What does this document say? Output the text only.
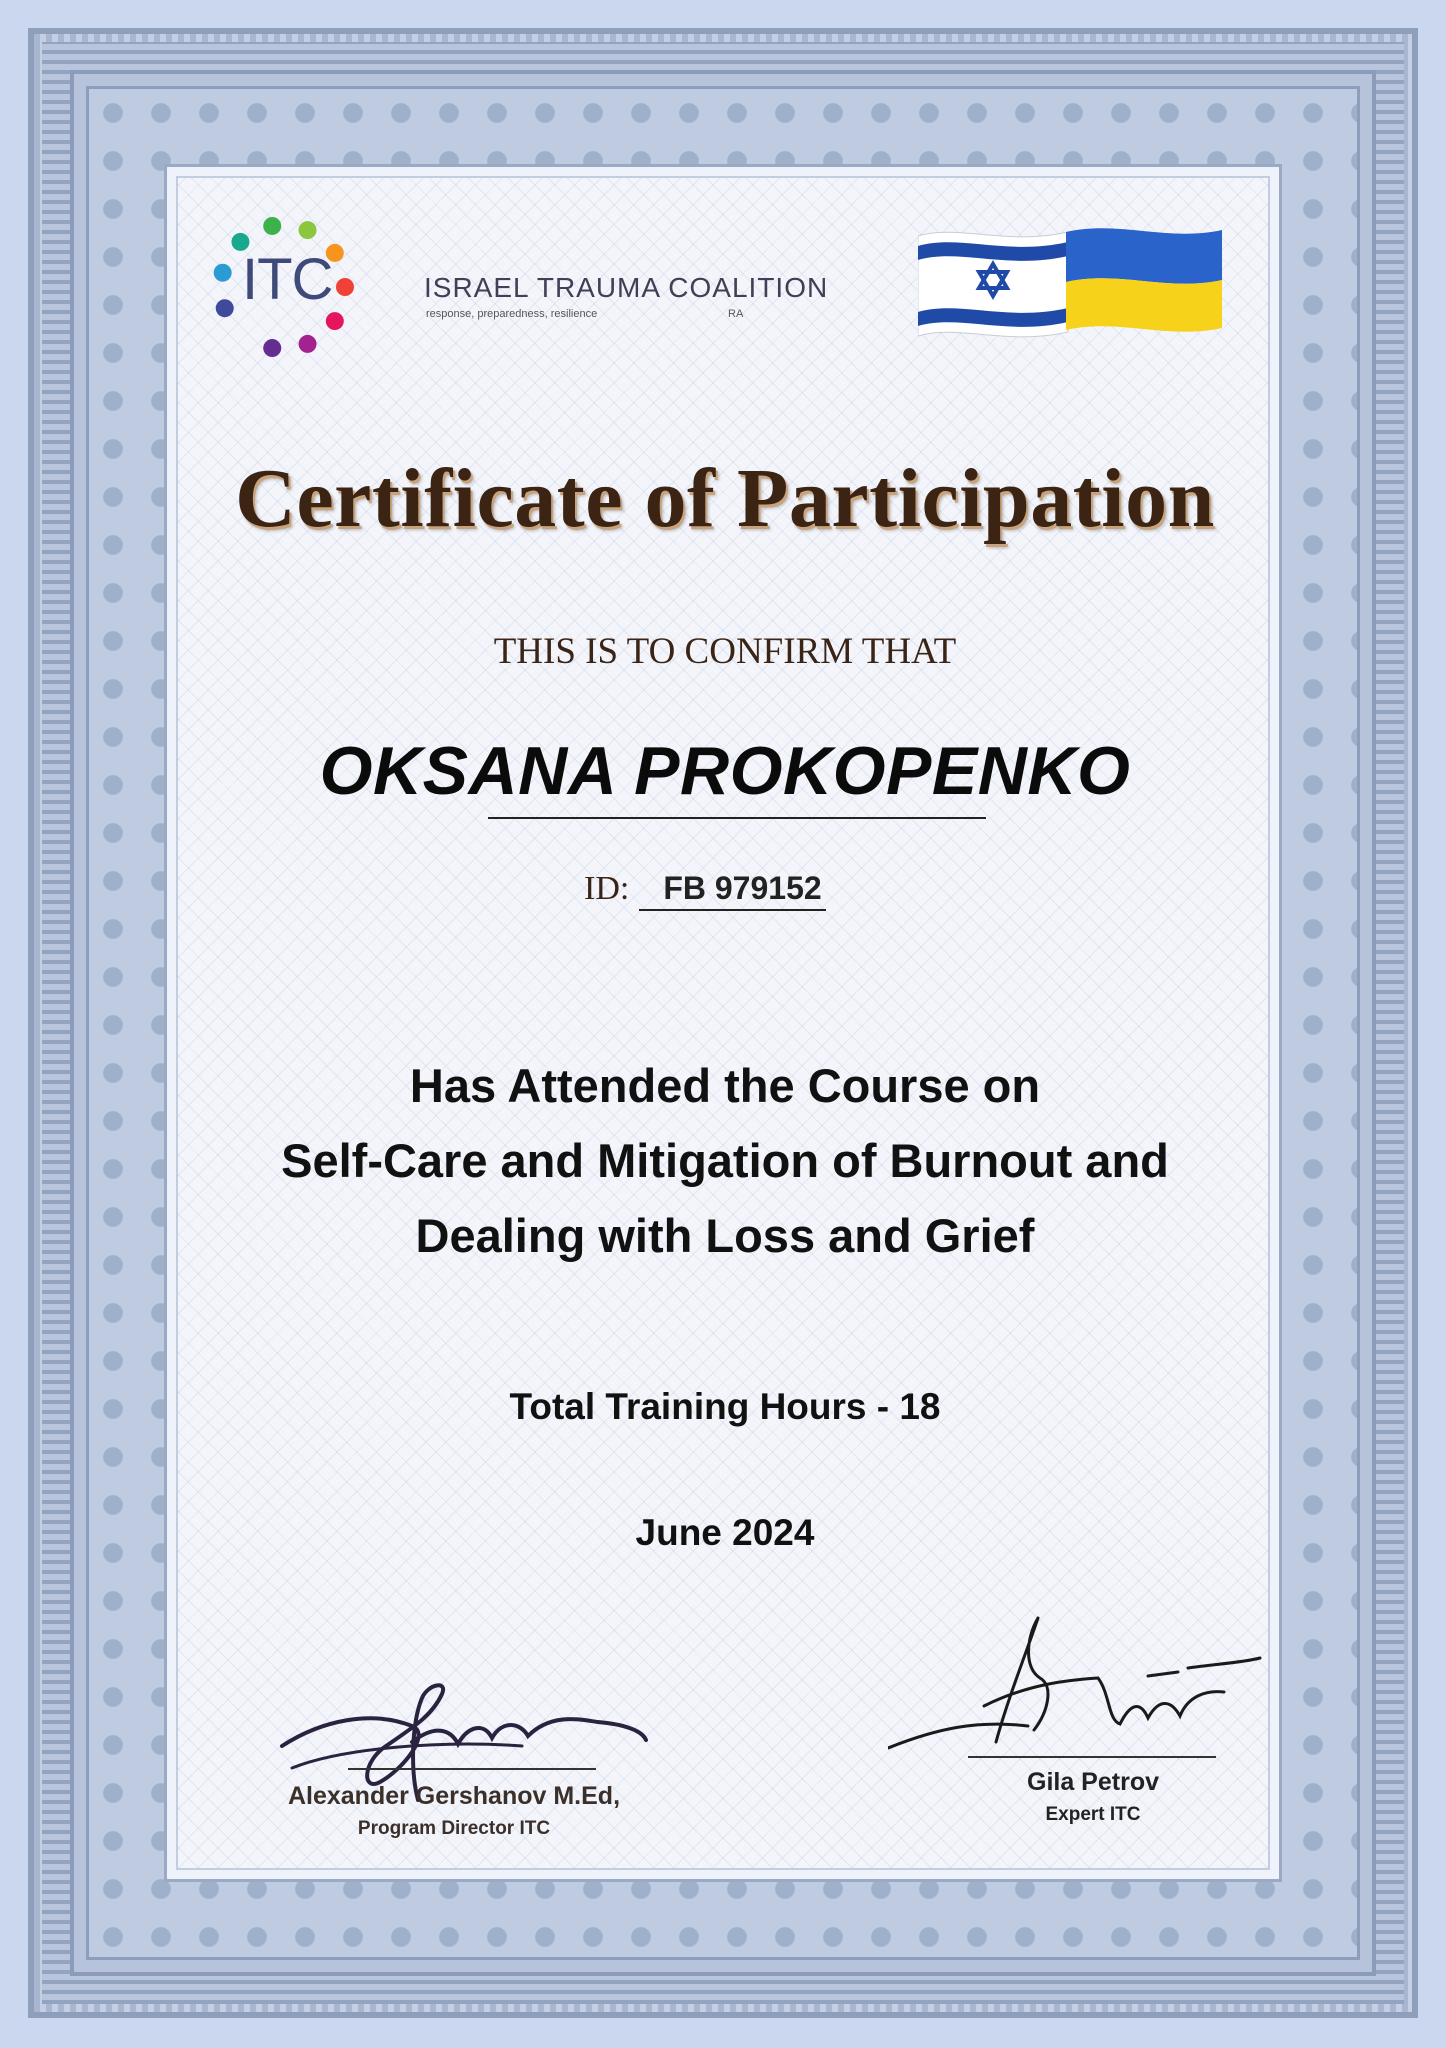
ITC	ISRAEL TRAUMA COALITION
response, preparedness, resilience	RA
Certificate of Participation
THIS IS TO CONFIRM THAT
OKSANA PROKOPENKO
ID: FB 979152
Has Attended the Course on
Self-Care and Mitigation of Burnout and
Dealing with Loss and Grief
Total Training Hours - 18
June 2024
Alexander Gershanov M.Ed,
Program Director ITC
Gila Petrov
Expert ITC
